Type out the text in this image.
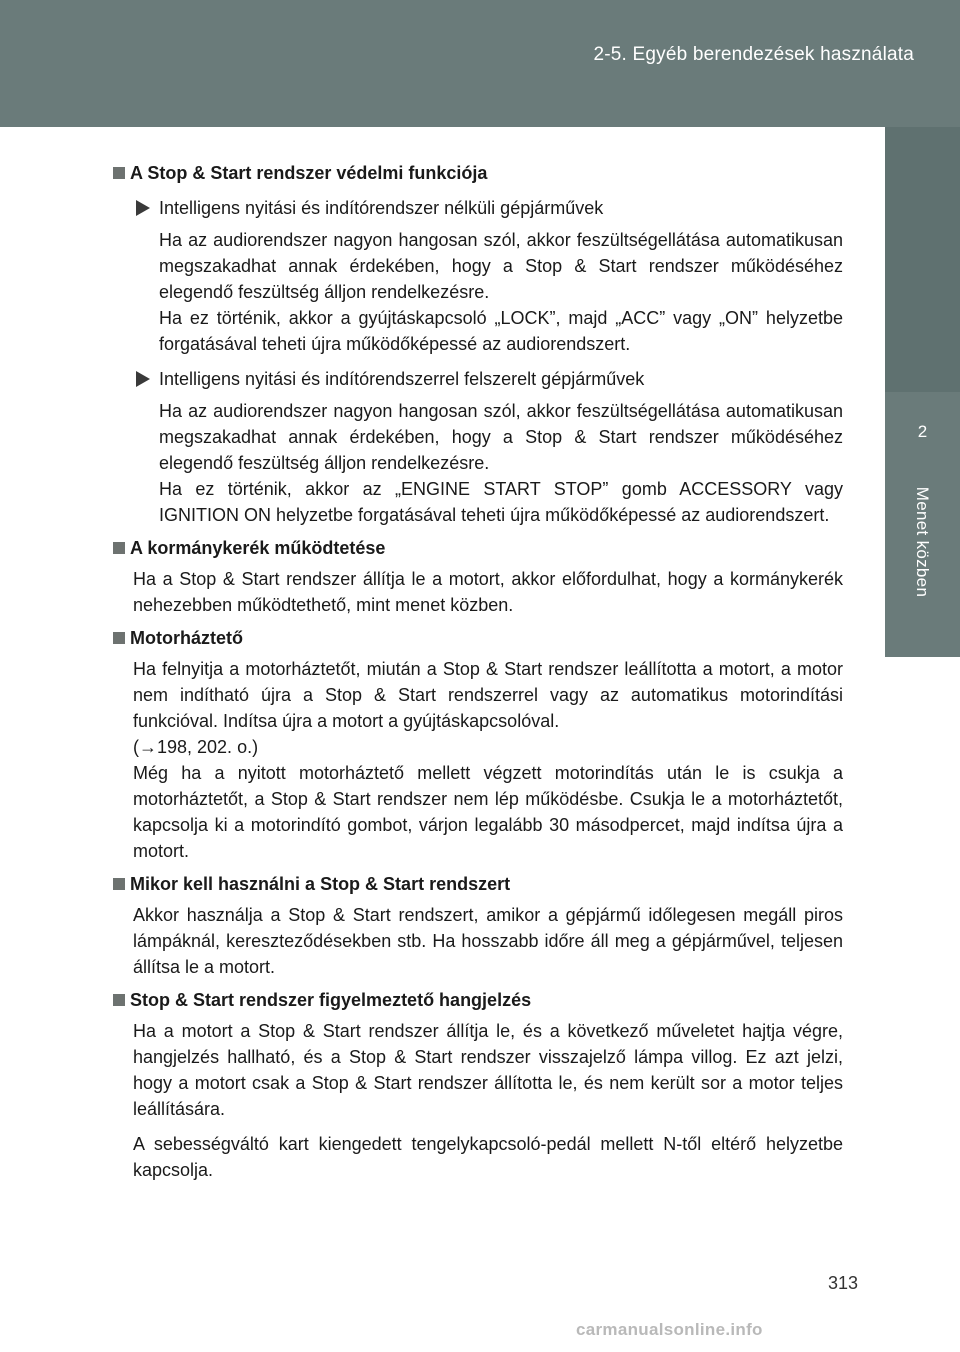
2-5. Egyéb berendezések használata
2
Menet közben
A Stop & Start rendszer védelmi funkciója
Intelligens nyitási és indítórendszer nélküli gépjárművek
Ha az audiorendszer nagyon hangosan szól, akkor feszültségellátása automatikusan megszakadhat annak érdekében, hogy a Stop & Start rendszer működéséhez elegendő feszültség álljon rendelkezésre.
Ha ez történik, akkor a gyújtáskapcsoló „LOCK”, majd „ACC” vagy „ON” helyzetbe forgatásával teheti újra működőképessé az audiorendszert.
Intelligens nyitási és indítórendszerrel felszerelt gépjárművek
Ha az audiorendszer nagyon hangosan szól, akkor feszültségellátása automatikusan megszakadhat annak érdekében, hogy a Stop & Start rendszer működéséhez elegendő feszültség álljon rendelkezésre.
Ha ez történik, akkor az „ENGINE START STOP” gomb ACCESSORY vagy IGNITION ON helyzetbe forgatásával teheti újra működőképessé az audiorendszert.
A kormánykerék működtetése
Ha a Stop & Start rendszer állítja le a motort, akkor előfordulhat, hogy a kormánykerék nehezebben működtethető, mint menet közben.
Motorháztető
Ha felnyitja a motorháztetőt, miután a Stop & Start rendszer leállította a motort, a motor nem indítható újra a Stop & Start rendszerrel vagy az automatikus motorindítási funkcióval. Indítsa újra a motort a gyújtáskapcsolóval.
(→198, 202. o.)
Még ha a nyitott motorháztető mellett végzett motorindítás után le is csukja a motorháztetőt, a Stop & Start rendszer nem lép működésbe. Csukja le a motorháztetőt, kapcsolja ki a motorindító gombot, várjon legalább 30 másodpercet, majd indítsa újra a motort.
Mikor kell használni a Stop & Start rendszert
Akkor használja a Stop & Start rendszert, amikor a gépjármű időlegesen megáll piros lámpáknál, kereszteződésekben stb. Ha hosszabb időre áll meg a gépjárművel, teljesen állítsa le a motort.
Stop & Start rendszer figyelmeztető hangjelzés
Ha a motort a Stop & Start rendszer állítja le, és a következő műveletet hajtja végre, hangjelzés hallható, és a Stop & Start rendszer visszajelző lámpa villog. Ez azt jelzi, hogy a motort csak a Stop & Start rendszer állította le, és nem került sor a motor teljes leállítására.
A sebességváltó kart kiengedett tengelykapcsoló-pedál mellett N-től eltérő helyzetbe kapcsolja.
313
carmanualsonline.info
